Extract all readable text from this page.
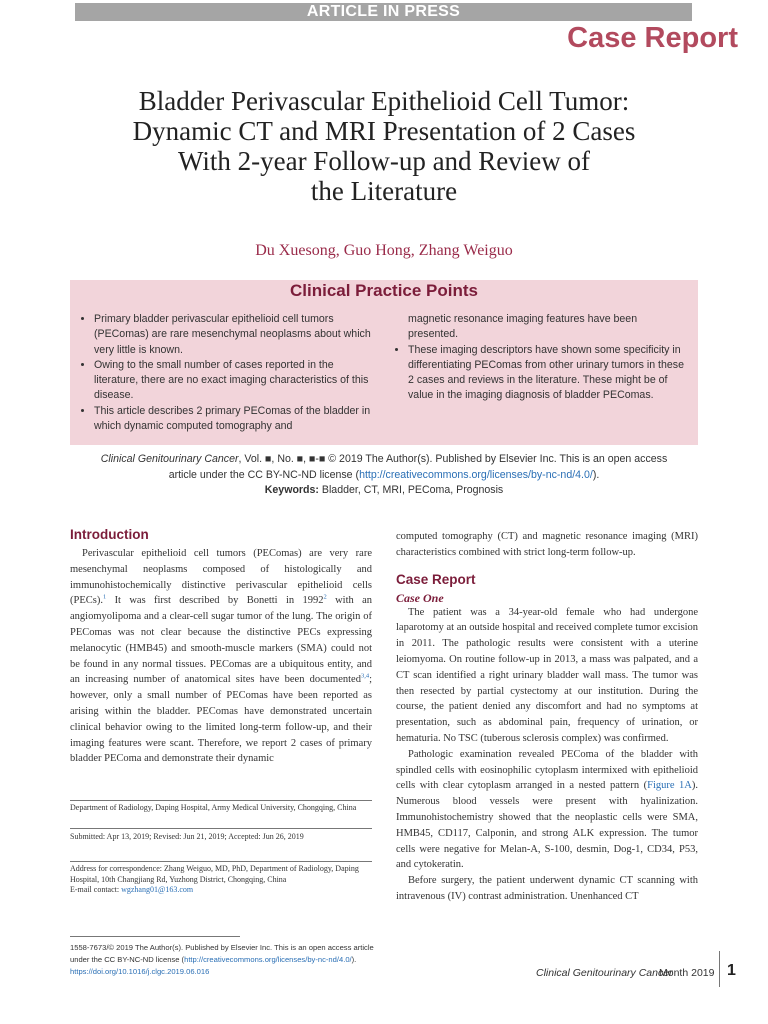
ARTICLE IN PRESS
Case Report
Bladder Perivascular Epithelioid Cell Tumor:
Dynamic CT and MRI Presentation of 2 Cases
With 2-year Follow-up and Review of
the Literature
Du Xuesong, Guo Hong, Zhang Weiguo
Clinical Practice Points
• Primary bladder perivascular epithelioid cell tumors (PEComas) are rare mesenchymal neoplasms about which very little is known.
• Owing to the small number of cases reported in the literature, there are no exact imaging characteristics of this disease.
• This article describes 2 primary PEComas of the bladder in which dynamic computed tomography and
magnetic resonance imaging features have been presented.
• These imaging descriptors have shown some specificity in differentiating PEComas from other urinary tumors in these 2 cases and reviews in the literature. These might be of value in the imaging diagnosis of bladder PEComas.
Clinical Genitourinary Cancer, Vol. ■, No. ■, ■-■ © 2019 The Author(s). Published by Elsevier Inc. This is an open access
article under the CC BY-NC-ND license (http://creativecommons.org/licenses/by-nc-nd/4.0/).
Keywords: Bladder, CT, MRI, PEComa, Prognosis
Introduction

Perivascular epithelioid cell tumors (PEComas) are very rare mesenchymal neoplasms composed of histologically and immunohistochemically distinctive perivascular epithelioid cells (PECs).$^1$ It was first described by Bonetti in 1992$^2$ with an angiomyolipoma and a clear-cell sugar tumor of the lung. The origin of PEComas was not clear because the distinctive PECs expressing melanocytic (HMB45) and smooth-muscle markers (SMA) could not be found in any normal tissues. PEComas are a ubiquitous entity, and an increasing number of anatomical sites have been documented$^{3,4}$; however, only a small number of PEComas have been reported as arising within the bladder. PEComas have demonstrated uncertain clinical behavior owing to the limited long-term follow-up, and their imaging features were scant. Therefore, we report 2 cases of primary bladder PEComa and demonstrate their dynamic

Department of Radiology, Daping Hospital, Army Medical University, Chongqing, China
Submitted: Apr 13, 2019; Revised: Jun 21, 2019; Accepted: Jun 26, 2019
Address for correspondence: Zhang Weiguo, MD, PhD, Department of Radiology, Daping Hospital, 10th Changjiang Rd, Yuzhong District, Chongqing, China
E-mail contact: wgzhang01@163.com

computed tomography (CT) and magnetic resonance imaging (MRI) characteristics combined with strict long-term follow-up.

Case Report
Case One

The patient was a 34-year-old female who had undergone laparotomy at an outside hospital and received complete tumor excision in 2011. The pathologic results were consistent with a uterine leiomyoma. On routine follow-up in 2013, a mass was palpated, and a CT scan identified a right urinary bladder wall mass. The tumor was then resected by partial cystectomy at our institution. During the course, the patient denied any discomfort and had no symptoms at presentation, such as abdominal pain, frequency of urination, or hematuria. No TSC (tuberous sclerosis complex) was confirmed.

Pathologic examination revealed PEComa of the bladder with spindled cells with eosinophilic cytoplasm intermixed with epithelioid cells with clear cytoplasm arranged in a nested pattern (Figure 1A). Numerous blood vessels were present with hyalinization. Immunohistochemistry showed that the neoplastic cells were SMA, HMB45, CD117, Calponin, and strong ALK expression. The tumor cells were negative for Melan-A, S-100, desmin, Dog-1, CD34, P53, and cytokeratin.

Before surgery, the patient underwent dynamic CT scanning with intravenous (IV) contrast administration. Unenhanced CT

1558-7673/© 2019 The Author(s). Published by Elsevier Inc. This is an open access article
under the CC BY-NC-ND license (http://creativecommons.org/licenses/by-nc-nd/4.0/).
https://doi.org/10.1016/j.clgc.2019.06.016	Clinical Genitourinary Cancer
Month 2019 1
